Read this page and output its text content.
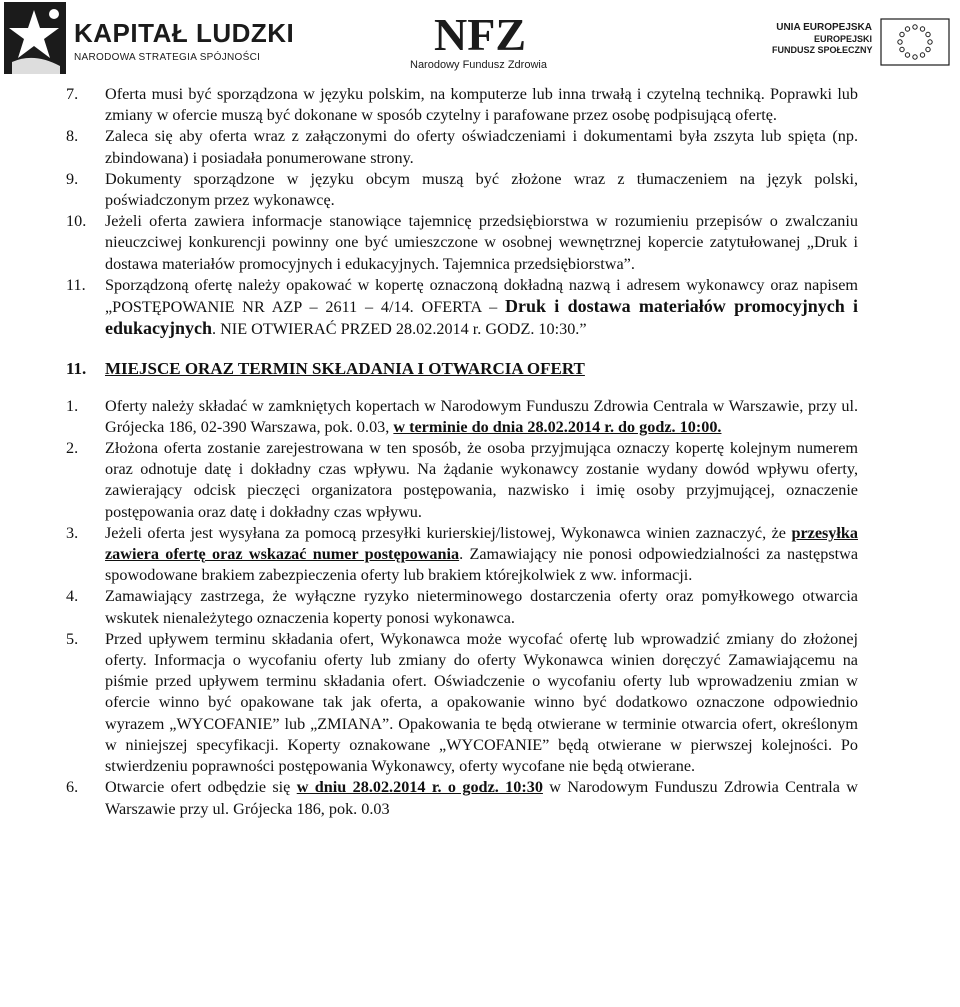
KAPITAŁ LUDZKI
NARODOWA STRATEGIA SPÓJNOŚCI	NFZ
Narodowy Fundusz Zdrowia
UNIA EUROPEJSKA
EUROPEJSKI
FUNDUSZ SPOŁECZNY
7. Oferta musi być sporządzona w języku polskim, na komputerze lub inna trwałą i czytelną techniką. Poprawki lub zmiany w ofercie muszą być dokonane w sposób czytelny i parafowane przez osobę podpisującą ofertę.
8. Zaleca się aby oferta wraz z załączonymi do oferty oświadczeniami i dokumentami była zszyta lub spięta (np. zbindowana) i posiadała ponumerowane strony.
9. Dokumenty sporządzone w języku obcym muszą być złożone wraz z tłumaczeniem na język polski, poświadczonym przez wykonawcę.
10. Jeżeli oferta zawiera informacje stanowiące tajemnicę przedsiębiorstwa w rozumieniu przepisów o zwalczaniu nieuczciwej konkurencji powinny one być umieszczone w osobnej wewnętrznej kopercie zatytułowanej „Druk i dostawa materiałów promocyjnych i edukacyjnych. Tajemnica przedsiębiorstwa”.
11. Sporządzoną ofertę należy opakować w kopertę oznaczoną dokładną nazwą i adresem wykonawcy oraz napisem „POSTĘPOWANIE NR AZP – 2611 – 4/14. OFERTA – Druk i dostawa materiałów promocyjnych i edukacyjnych. NIE OTWIERAĆ PRZED 28.02.2014 r. GODZ. 10:30.”
11. MIEJSCE ORAZ TERMIN SKŁADANIA I OTWARCIA OFERT
1. Oferty należy składać w zamkniętych kopertach w Narodowym Funduszu Zdrowia Centrala w Warszawie, przy ul. Grójecka 186, 02-390 Warszawa, pok. 0.03, w terminie do dnia 28.02.2014 r. do godz. 10:00.
2. Złożona oferta zostanie zarejestrowana w ten sposób, że osoba przyjmująca oznaczy kopertę kolejnym numerem oraz odnotuje datę i dokładny czas wpływu. Na żądanie wykonawcy zostanie wydany dowód wpływu oferty, zawierający odcisk pieczęci organizatora postępowania, nazwisko i imię osoby przyjmującej, oznaczenie postępowania oraz datę i dokładny czas wpływu.
3. Jeżeli oferta jest wysyłana za pomocą przesyłki kurierskiej/listowej, Wykonawca winien zaznaczyć, że przesyłka zawiera ofertę oraz wskazać numer postępowania. Zamawiający nie ponosi odpowiedzialności za następstwa spowodowane brakiem zabezpieczenia oferty lub brakiem którejkolwiek z ww. informacji.
4. Zamawiający zastrzega, że wyłączne ryzyko nieterminowego dostarczenia oferty oraz pomyłkowego otwarcia wskutek nienależytego oznaczenia koperty ponosi wykonawca.
5. Przed upływem terminu składania ofert, Wykonawca może wycofać ofertę lub wprowadzić zmiany do złożonej oferty. Informacja o wycofaniu oferty lub zmiany do oferty Wykonawca winien doręczyć Zamawiającemu na piśmie przed upływem terminu składania ofert. Oświadczenie o wycofaniu oferty lub wprowadzeniu zmian w ofercie winno być opakowane tak jak oferta, a opakowanie winno być dodatkowo oznaczone odpowiednio wyrazem „WYCOFANIE” lub „ZMIANA”. Opakowania te będą otwierane w terminie otwarcia ofert, określonym w niniejszej specyfikacji. Koperty oznakowane „WYCOFANIE” będą otwierane w pierwszej kolejności. Po stwierdzeniu poprawności postępowania Wykonawcy, oferty wycofane nie będą otwierane.
6. Otwarcie ofert odbędzie się w dniu 28.02.2014 r. o godz. 10:30 w Narodowym Funduszu Zdrowia Centrala w Warszawie przy ul. Grójecka 186, pok. 0.03
